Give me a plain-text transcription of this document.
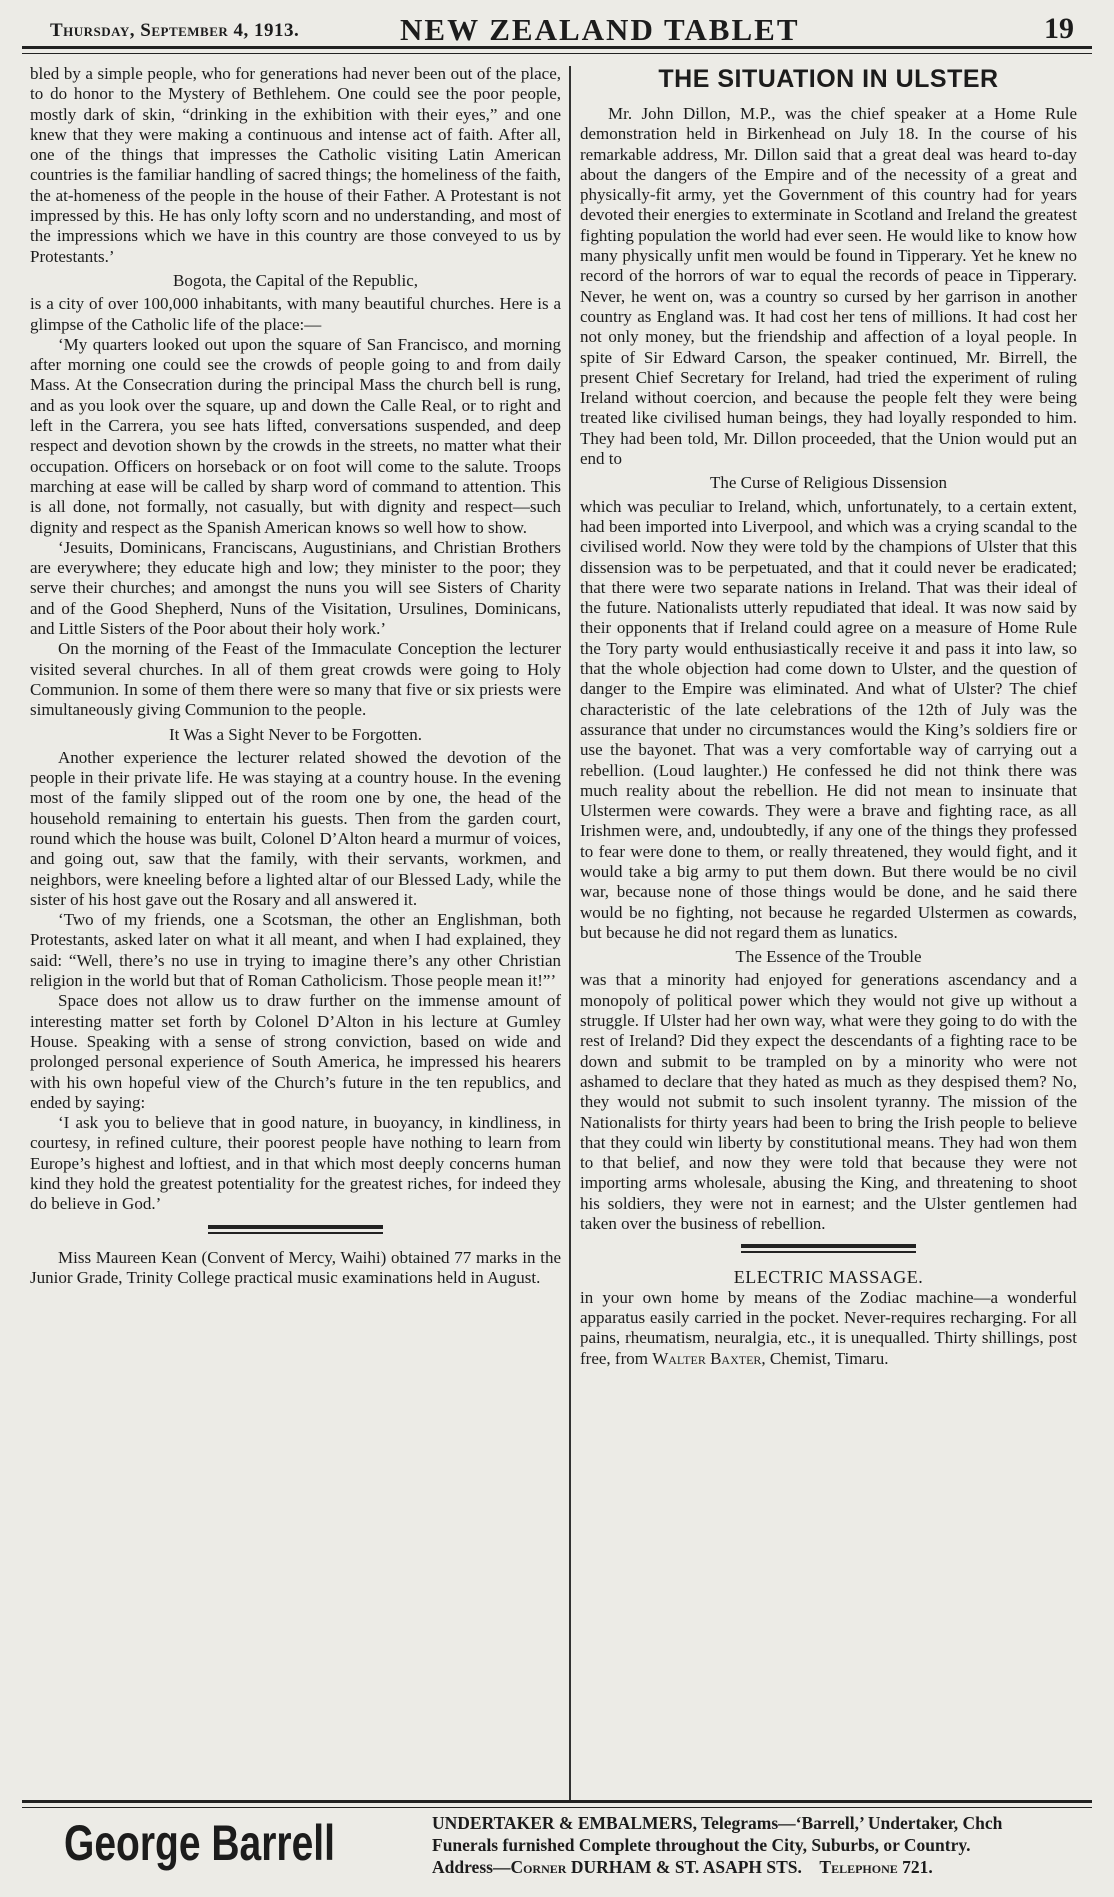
Thursday, September 4, 1913.	NEW ZEALAND TABLET	19

bled by a simple people, who for generations had never been out of the place, to do honor to the Mystery of Bethlehem. One could see the poor people, mostly dark of skin, “drinking in the exhibition with their eyes,” and one knew that they were making a continuous and intense act of faith. After all, one of the things that impresses the Catholic visiting Latin American countries is the familiar handling of sacred things; the homeliness of the faith, the at-homeness of the people in the house of their Father. A Protestant is not impressed by this. He has only lofty scorn and no understanding, and most of the impressions which we have in this country are those conveyed to us by Protestants.’

Bogota, the Capital of the Republic,

is a city of over 100,000 inhabitants, with many beautiful churches. Here is a glimpse of the Catholic life of the place:—

‘My quarters looked out upon the square of San Francisco, and morning after morning one could see the crowds of people going to and from daily Mass. At the Consecration during the principal Mass the church bell is rung, and as you look over the square, up and down the Calle Real, or to right and left in the Carrera, you see hats lifted, conversations suspended, and deep respect and devotion shown by the crowds in the streets, no matter what their occupation. Officers on horseback or on foot will come to the salute. Troops marching at ease will be called by sharp word of command to attention. This is all done, not formally, not casually, but with dignity and respect—such dignity and respect as the Spanish American knows so well how to show.

‘Jesuits, Dominicans, Franciscans, Augustinians, and Christian Brothers are everywhere; they educate high and low; they minister to the poor; they serve their churches; and amongst the nuns you will see Sisters of Charity and of the Good Shepherd, Nuns of the Visitation, Ursulines, Dominicans, and Little Sisters of the Poor about their holy work.’

On the morning of the Feast of the Immaculate Conception the lecturer visited several churches. In all of them great crowds were going to Holy Communion. In some of them there were so many that five or six priests were simultaneously giving Communion to the people.

It Was a Sight Never to be Forgotten.

Another experience the lecturer related showed the devotion of the people in their private life. He was staying at a country house. In the evening most of the family slipped out of the room one by one, the head of the household remaining to entertain his guests. Then from the garden court, round which the house was built, Colonel D’Alton heard a murmur of voices, and going out, saw that the family, with their servants, workmen, and neighbors, were kneeling before a lighted altar of our Blessed Lady, while the sister of his host gave out the Rosary and all answered it.

‘Two of my friends, one a Scotsman, the other an Englishman, both Protestants, asked later on what it all meant, and when I had explained, they said: “Well, there’s no use in trying to imagine there’s any other Christian religion in the world but that of Roman Catholicism. Those people mean it!”’

Space does not allow us to draw further on the immense amount of interesting matter set forth by Colonel D’Alton in his lecture at Gumley House. Speaking with a sense of strong conviction, based on wide and prolonged personal experience of South America, he impressed his hearers with his own hopeful view of the Church’s future in the ten republics, and ended by saying:

‘I ask you to believe that in good nature, in buoyancy, in kindliness, in courtesy, in refined culture, their poorest people have nothing to learn from Europe’s highest and loftiest, and in that which most deeply concerns human kind they hold the greatest potentiality for the greatest riches, for indeed they do believe in God.’

Miss Maureen Kean (Convent of Mercy, Waihi) obtained 77 marks in the Junior Grade, Trinity College practical music examinations held in August.

THE SITUATION IN ULSTER

Mr. John Dillon, M.P., was the chief speaker at a Home Rule demonstration held in Birkenhead on July 18. In the course of his remarkable address, Mr. Dillon said that a great deal was heard to-day about the dangers of the Empire and of the necessity of a great and physically-fit army, yet the Government of this country had for years devoted their energies to exterminate in Scotland and Ireland the greatest fighting population the world had ever seen. He would like to know how many physically unfit men would be found in Tipperary. Yet he knew no record of the horrors of war to equal the records of peace in Tipperary. Never, he went on, was a country so cursed by her garrison in another country as England was. It had cost her tens of millions. It had cost her not only money, but the friendship and affection of a loyal people. In spite of Sir Edward Carson, the speaker continued, Mr. Birrell, the present Chief Secretary for Ireland, had tried the experiment of ruling Ireland without coercion, and because the people felt they were being treated like civilised human beings, they had loyally responded to him. They had been told, Mr. Dillon proceeded, that the Union would put an end to

The Curse of Religious Dissension

which was peculiar to Ireland, which, unfortunately, to a certain extent, had been imported into Liverpool, and which was a crying scandal to the civilised world. Now they were told by the champions of Ulster that this dissension was to be perpetuated, and that it could never be eradicated; that there were two separate nations in Ireland. That was their ideal of the future. Nationalists utterly repudiated that ideal. It was now said by their opponents that if Ireland could agree on a measure of Home Rule the Tory party would enthusiastically receive it and pass it into law, so that the whole objection had come down to Ulster, and the question of danger to the Empire was eliminated. And what of Ulster? The chief characteristic of the late celebrations of the 12th of July was the assurance that under no circumstances would the King’s soldiers fire or use the bayonet. That was a very comfortable way of carrying out a rebellion. (Loud laughter.) He confessed he did not think there was much reality about the rebellion. He did not mean to insinuate that Ulstermen were cowards. They were a brave and fighting race, as all Irishmen were, and, undoubtedly, if any one of the things they professed to fear were done to them, or really threatened, they would fight, and it would take a big army to put them down. But there would be no civil war, because none of those things would be done, and he said there would be no fighting, not because he regarded Ulstermen as cowards, but because he did not regard them as lunatics.

The Essence of the Trouble

was that a minority had enjoyed for generations ascendancy and a monopoly of political power which they would not give up without a struggle. If Ulster had her own way, what were they going to do with the rest of Ireland? Did they expect the descendants of a fighting race to be down and submit to be trampled on by a minority who were not ashamed to declare that they hated as much as they despised them? No, they would not submit to such insolent tyranny. The mission of the Nationalists for thirty years had been to bring the Irish people to believe that they could win liberty by constitutional means. They had won them to that belief, and now they were told that because they were not importing arms wholesale, abusing the King, and threatening to shoot his soldiers, they were not in earnest; and the Ulster gentlemen had taken over the business of rebellion.

ELECTRIC MASSAGE.

in your own home by means of the Zodiac machine—a wonderful apparatus easily carried in the pocket. Never-requires recharging. For all pains, rheumatism, neuralgia, etc., it is unequalled. Thirty shillings, post free, from Walter Baxter, Chemist, Timaru.

George Barrell	UNDERTAKER & EMBALMERS, Telegrams—‘Barrell,’ Undertaker, Chch
Funerals furnished Complete throughout the City, Suburbs, or Country.
Address—Corner DURHAM & ST. ASAPH STS. Telephone 721.
